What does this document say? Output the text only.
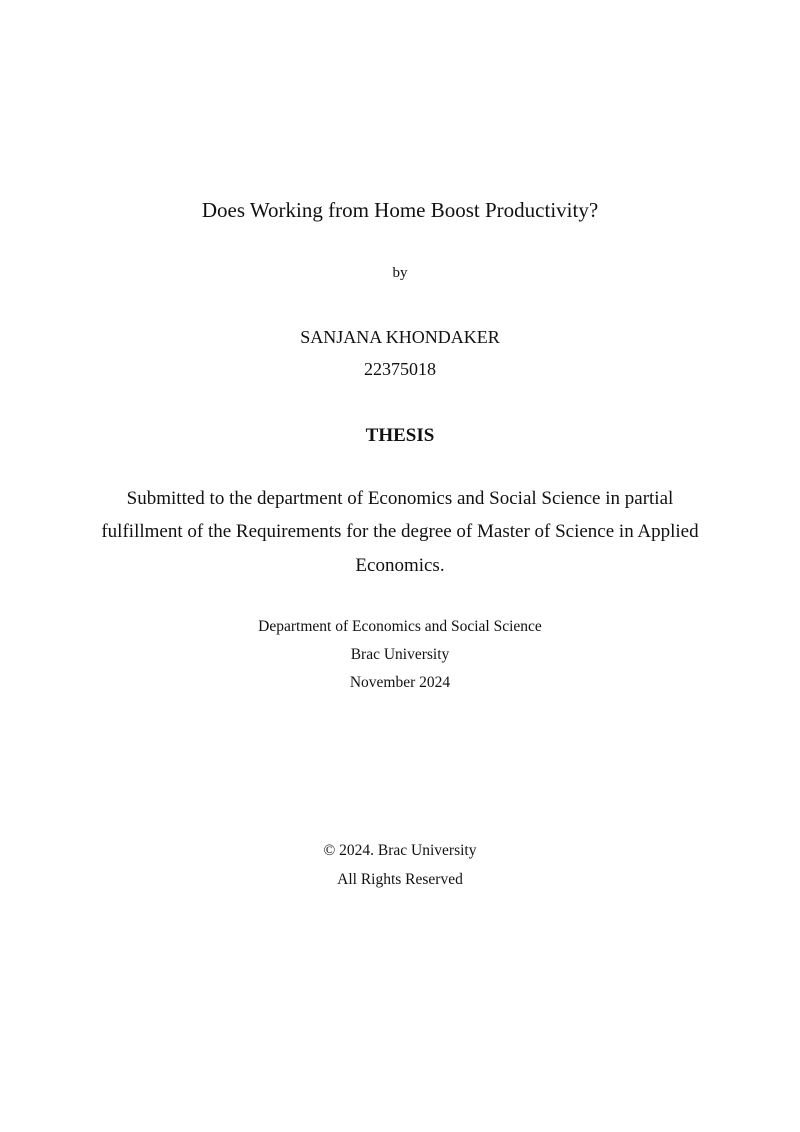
Does Working from Home Boost Productivity?
by
SANJANA KHONDAKER
22375018
THESIS
Submitted to the department of Economics and Social Science in partial
fulfillment of the Requirements for the degree of Master of Science in Applied
Economics.
Department of Economics and Social Science
Brac University
November 2024
© 2024. Brac University
All Rights Reserved
